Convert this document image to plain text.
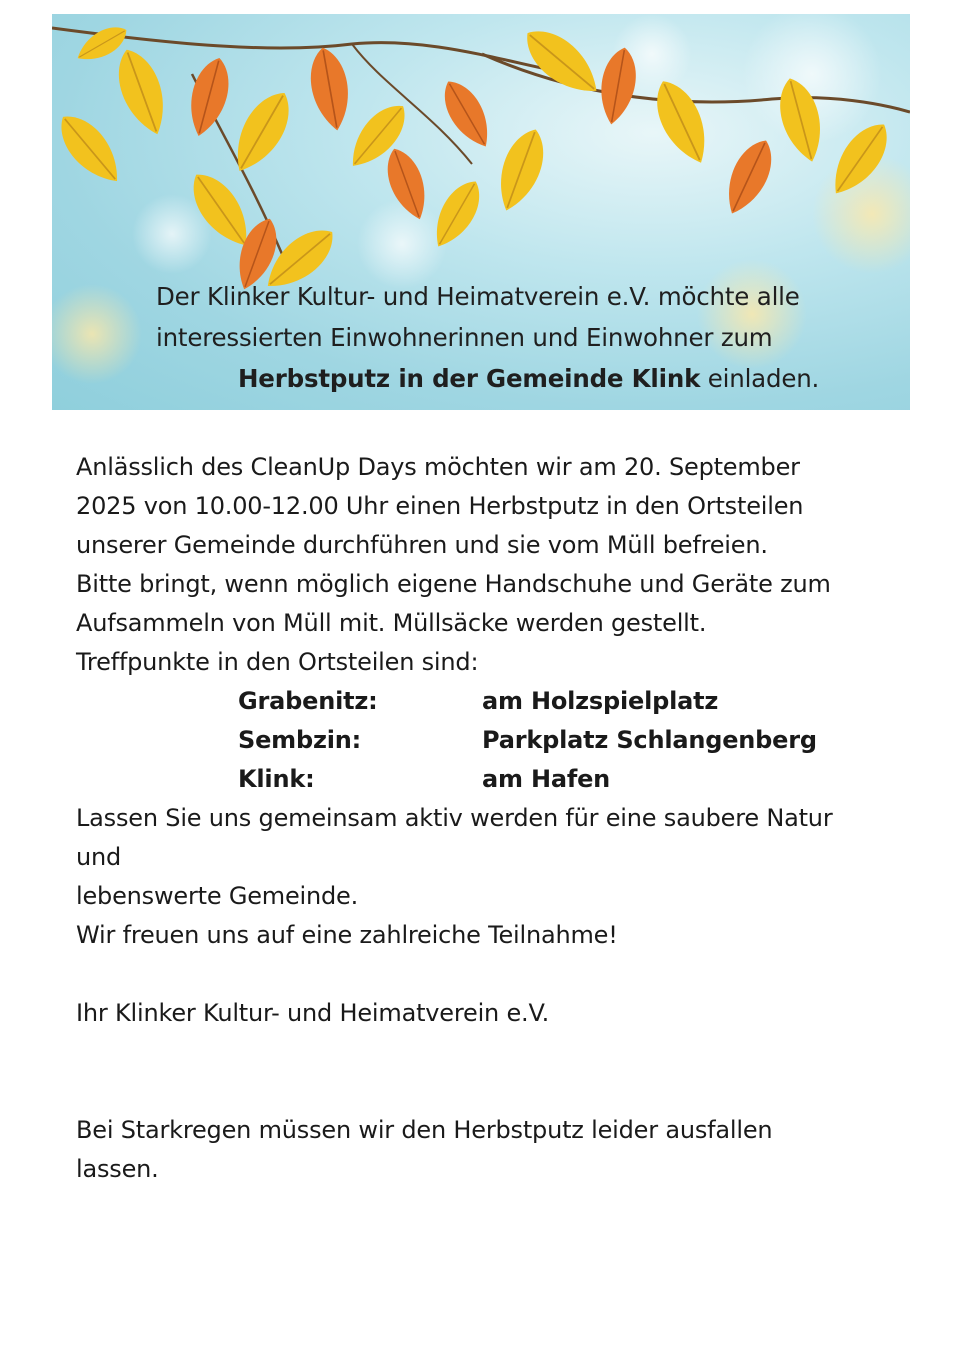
Der Klinker Kultur- und Heimatverein e.V. möchte alle
interessierten Einwohnerinnen und Einwohner zum
Herbstputz in der Gemeinde Klink einladen.
Anlässlich des CleanUp Days möchten wir am 20. September
2025 von 10.00-12.00 Uhr einen Herbstputz in den Ortsteilen
unserer Gemeinde durchführen und sie vom Müll befreien.
Bitte bringt, wenn möglich eigene Handschuhe und Geräte zum
Aufsammeln von Müll mit. Müllsäcke werden gestellt.
Treffpunkte in den Ortsteilen sind:
Grabenitz:	am Holzspielplatz
Sembzin:	Parkplatz Schlangenberg
Klink:	am Hafen
Lassen Sie uns gemeinsam aktiv werden für eine saubere Natur
und
lebenswerte Gemeinde.
Wir freuen uns auf eine zahlreiche Teilnahme!
Ihr Klinker Kultur- und Heimatverein e.V.
Bei Starkregen müssen wir den Herbstputz leider ausfallen
lassen.
